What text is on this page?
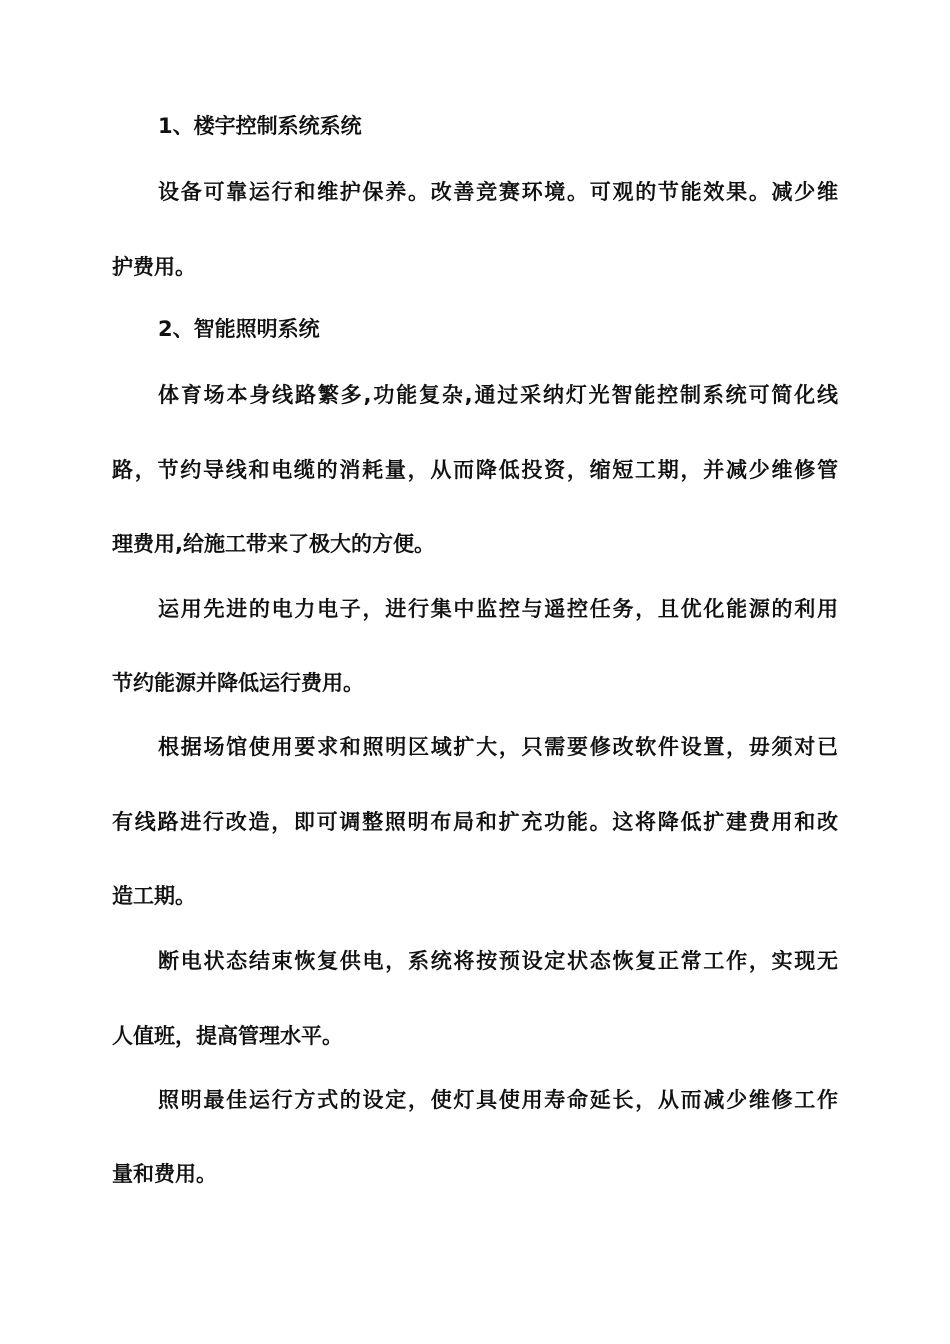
1、楼宇控制系统系统
设备可靠运行和维护保养。改善竞赛环境。可观的节能效果。减少维
护费用。
2、智能照明系统
体育场本身线路繁多,功能复杂,通过采纳灯光智能控制系统可简化线
路，节约导线和电缆的消耗量，从而降低投资，缩短工期，并减少维修管
理费用,给施工带来了极大的方便。
运用先进的电力电子，进行集中监控与遥控任务，且优化能源的利用
节约能源并降低运行费用。
根据场馆使用要求和照明区域扩大，只需要修改软件设置，毋须对已
有线路进行改造，即可调整照明布局和扩充功能。这将降低扩建费用和改
造工期。
断电状态结束恢复供电，系统将按预设定状态恢复正常工作，实现无
人值班，提高管理水平。
照明最佳运行方式的设定，使灯具使用寿命延长，从而减少维修工作
量和费用。
